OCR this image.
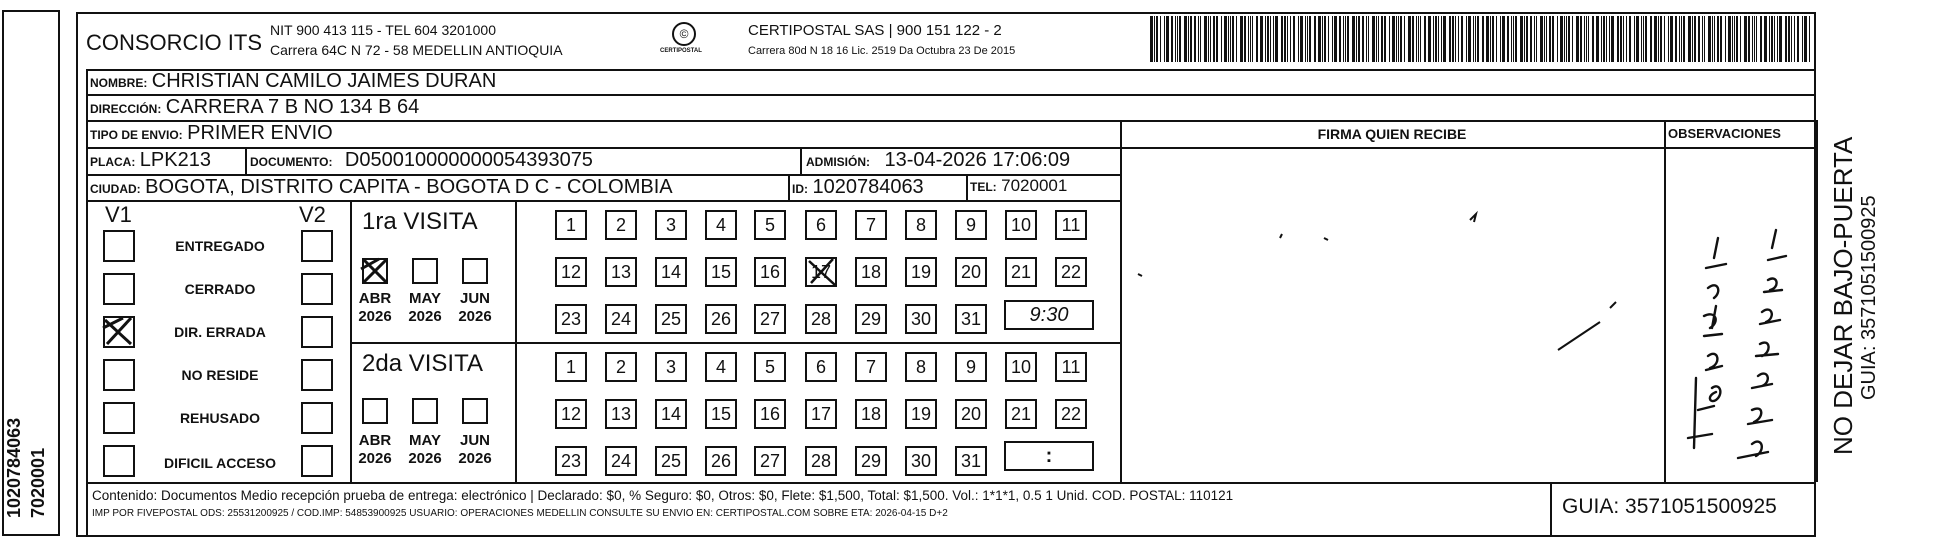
1020784063 7020001
CONSORCIO ITS NIT 900 413 115 - TEL 604 3201000
Carrera 64C N 72 - 58 MEDELLIN ANTIOQUIA
©
CERTIPOSTAL
CERTIPOSTAL SAS | 900 151 122 - 2
Carrera 80d N 18 16 Lic. 2519 Da Octubra 23 De 2015
NOMBRE: CHRISTIAN CAMILO JAIMES DURAN
DIRECCIÓN: CARRERA 7 B NO 134 B 64
TIPO DE ENVIO: PRIMER ENVIO
PLACA: LPK213	DOCUMENTO: D050010000000054393075	ADMISIÓN: 13-04-2026 17:06:09
CIUDAD: BOGOTA, DISTRITO CAPITA - BOGOTA D C - COLOMBIA	ID: 1020784063	TEL: 7020001
FIRMA QUIEN RECIBE	OBSERVACIONES
V1	V2
ENTREGADO
CERRADO
DIR. ERRADA
NO RESIDE
REHUSADO
DIFICIL ACCESO
1ra VISITA
ABR
2026
MAY
2026
JUN
2026
2da VISITA
ABR
2026
MAY
2026
JUN
2026
1	2	3	4	5	6	7	8	9	10	11
12	13	14	15	16	17	18	19	20	21	22
23	24	25	26	27	28	29	30	31
1	2	3	4	5	6	7	8	9	10	11
12	13	14	15	16	17	18	19	20	21	22
23	24	25	26	27	28	29	30	31
9:30
:
Contenido: Documentos Medio recepción prueba de entrega: electrónico | Declarado: $0, % Seguro: $0, Otros: $0, Flete: $1,500, Total: $1,500. Vol.: 1*1*1, 0.5 1 Unid. COD. POSTAL: 110121
IMP POR FIVEPOSTAL ODS: 25531200925 / COD.IMP: 54853900925 USUARIO: OPERACIONES MEDELLIN CONSULTE SU ENVIO EN: CERTIPOSTAL.COM SOBRE ETA: 2026-04-15 D+2	GUIA: 3571051500925
NO DEJAR BAJO-PUERTA GUIA: 3571051500925
